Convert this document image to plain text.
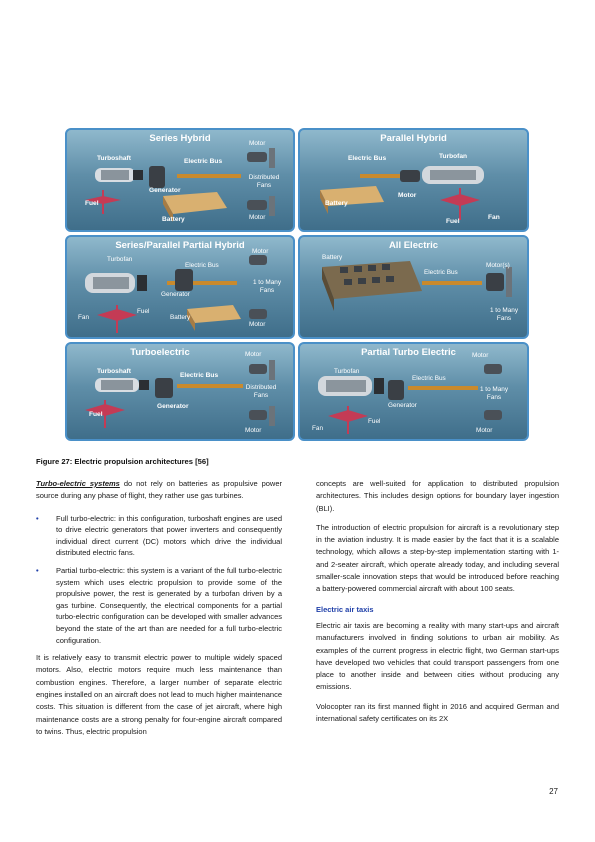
Series Hybrid
Turboshaft	Electric Bus
Generator
Fuel
Battery
Motor
Distributed Fans
Motor
Parallel Hybrid
Electric Bus	Turbofan
Motor
Battery
Fuel
Fan
Series/Parallel Partial Hybrid
Turbofan
Electric Bus
Motor
Generator
1 to Many Fans
Fan
Fuel
Battery
Motor
All Electric
Battery
Electric Bus
Motor(s)
1 to Many Fans
Turboelectric	Motor
Turboshaft
Electric Bus
Distributed Fans
Fuel
Generator
Motor
Partial Turbo Electric	Motor
Turbofan
Electric Bus
Generator
1 to Many Fans
Fan
Fuel
Motor
Figure 27: Electric propulsion architectures [56]

Turbo-electric systems do not rely on batteries as propulsive power source during any phase of flight, they rather use gas turbines.

• Full turbo-electric: in this configuration, turboshaft engines are used to drive electric generators that power inverters and consequently individual direct current (DC) motors which drive the individual distributed electric fans.
• Partial turbo-electric: this system is a variant of the full turbo-electric system which uses electric propulsion to provide some of the propulsive power, the rest is generated by a turbofan driven by a gas turbine. Consequently, the electrical components for a partial turbo-electric configuration can be developed with smaller advances beyond the state of the art than are needed for a full turbo-electric configuration.

It is relatively easy to transmit electric power to multiple widely spaced motors. Also, electric motors require much less maintenance than combustion engines. Therefore, a larger number of separate electric engines installed on an aircraft does not lead to much higher maintenance costs. This situation is different from the case of jet aircraft, where high maintenance costs are a strong penalty for four-engine aircraft compared to twins. Thus, electric propulsion

concepts are well-suited for application to distributed propulsion architectures. This includes design options for boundary layer ingestion (BLI).

The introduction of electric propulsion for aircraft is a revolutionary step in the aviation industry. It is made easier by the fact that it is a scalable technology, which allows a step-by-step implementation starting with 1- and 2-seater aircraft, which operate already today, and including several smaller-scale innovation steps that would be introduced before reaching a battery-powered commercial aircraft with about 100 seats.

Electric air taxis

Electric air taxis are becoming a reality with many start-ups and aircraft manufacturers involved in finding solutions to urban air mobility. As examples of the current progress in electric flight, two German start-ups have developed two vehicles that could transport passengers from one place to another inside and between cities without producing any emissions.

Volocopter ran its first manned flight in 2016 and acquired German and international safety certificates on its 2X

27
